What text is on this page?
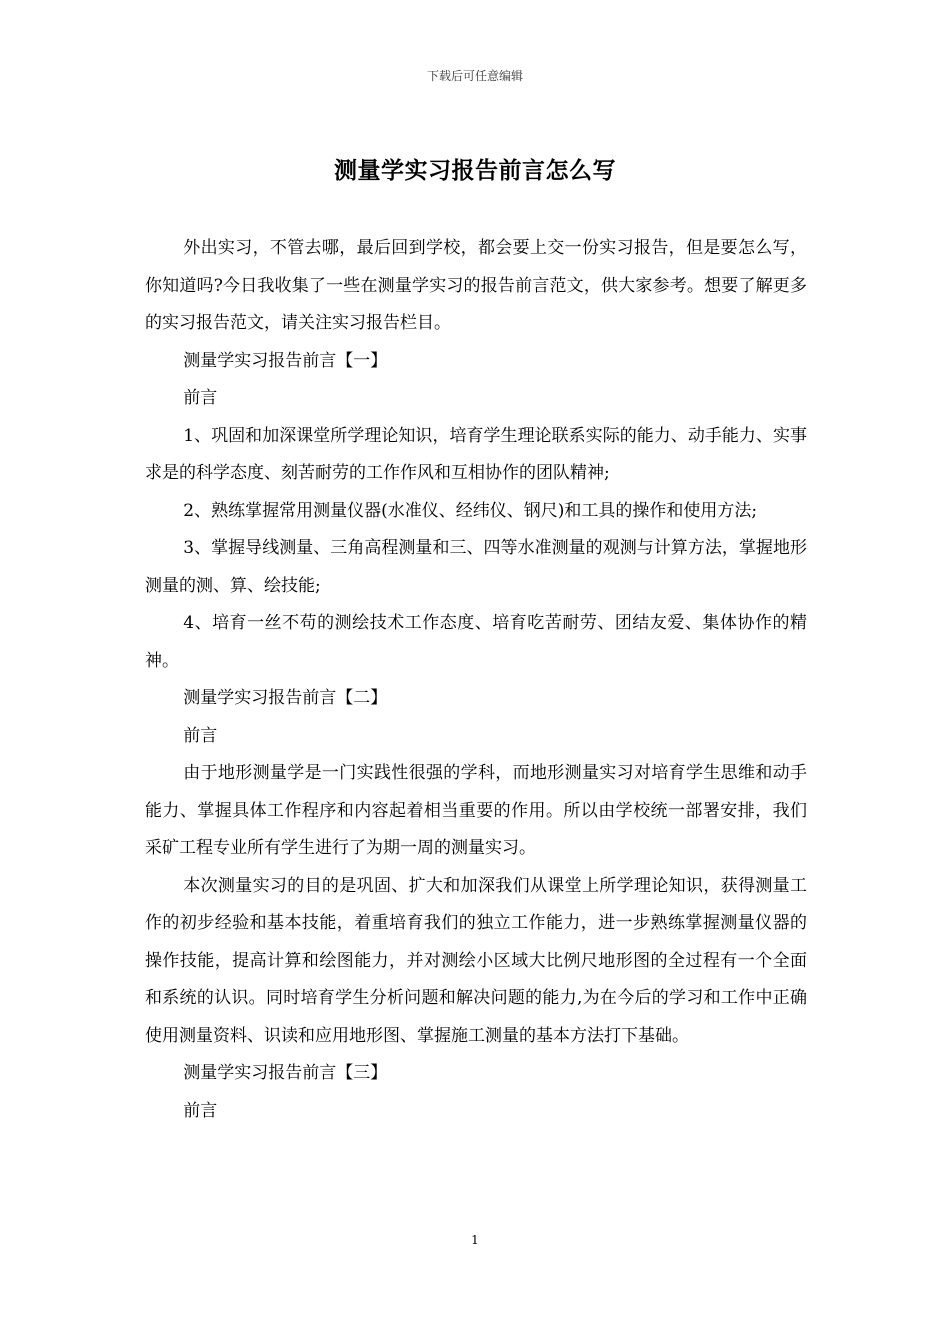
下载后可任意编辑
测量学实习报告前言怎么写

外出实习，不管去哪，最后回到学校，都会要上交一份实习报告，但是要怎么写，你知道吗?今日我收集了一些在测量学实习的报告前言范文，供大家参考。想要了解更多的实习报告范文，请关注实习报告栏目。

测量学实习报告前言【一】

前言

1、巩固和加深课堂所学理论知识，培育学生理论联系实际的能力、动手能力、实事求是的科学态度、刻苦耐劳的工作作风和互相协作的团队精神;

2、熟练掌握常用测量仪器(水准仪、经纬仪、钢尺)和工具的操作和使用方法;

3、掌握导线测量、三角高程测量和三、四等水准测量的观测与计算方法，掌握地形测量的测、算、绘技能;

4、培育一丝不苟的测绘技术工作态度、培育吃苦耐劳、团结友爱、集体协作的精神。

测量学实习报告前言【二】

前言

由于地形测量学是一门实践性很强的学科，而地形测量实习对培育学生思维和动手能力、掌握具体工作程序和内容起着相当重要的作用。所以由学校统一部署安排，我们采矿工程专业所有学生进行了为期一周的测量实习。

本次测量实习的目的是巩固、扩大和加深我们从课堂上所学理论知识，获得测量工作的初步经验和基本技能，着重培育我们的独立工作能力，进一步熟练掌握测量仪器的操作技能，提高计算和绘图能力，并对测绘小区域大比例尺地形图的全过程有一个全面和系统的认识。同时培育学生分析问题和解决问题的能力,为在今后的学习和工作中正确使用测量资料、识读和应用地形图、掌握施工测量的基本方法打下基础。

测量学实习报告前言【三】

前言

1
